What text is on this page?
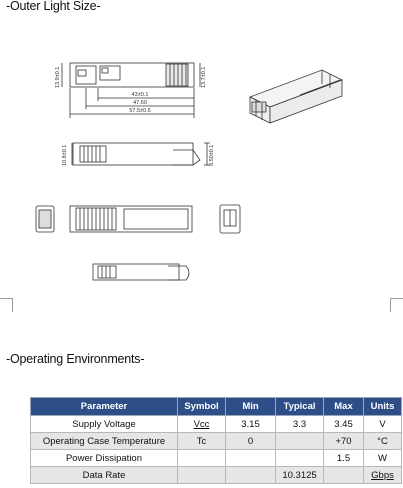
-Outer Light Size-
43±0.1
47.60
57.5±0.5
13.9±0.1	13.7±0.1
8.50±0.1
10.8±0.1
-Operating Environments-
Parameter	Symbol	Min	Typical	Max	Units
Supply Voltage	Vcc	3.15	3.3	3.45	V
Operating Case Temperature	Tc	0		+70	°C
Power Dissipation				1.5	W
Data Rate			10.3125		Gbps
